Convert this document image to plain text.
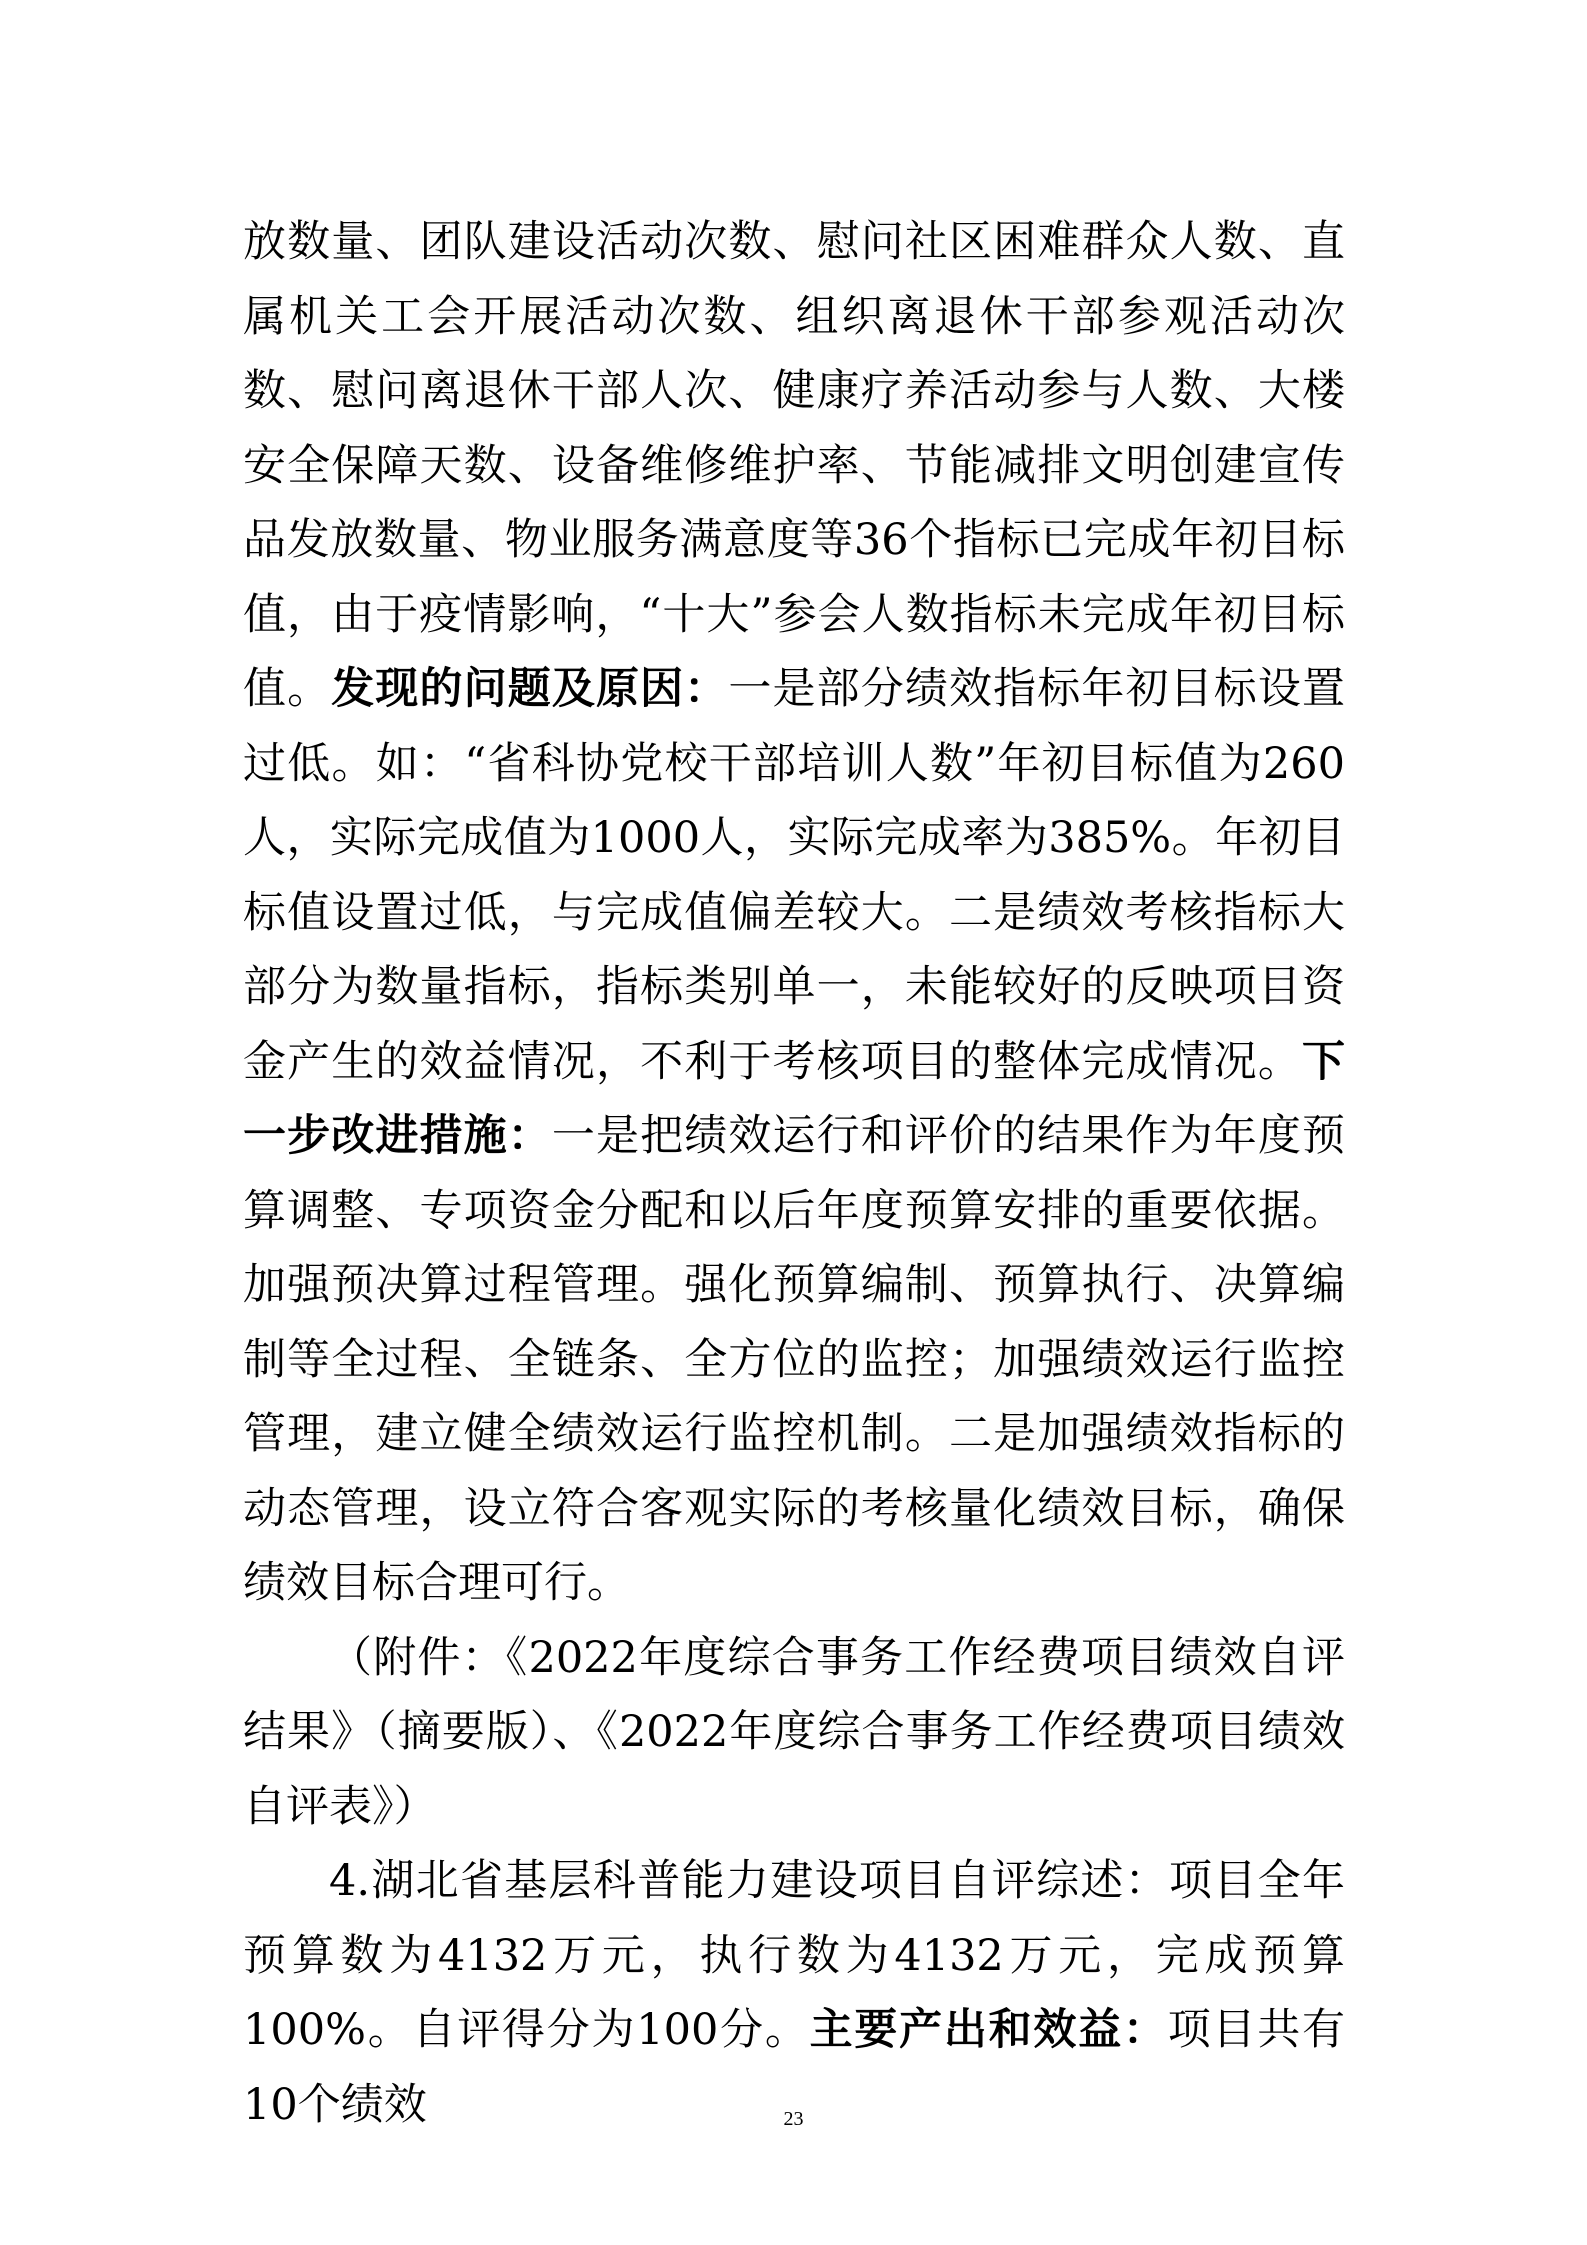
放数量、团队建设活动次数、慰问社区困难群众人数、直属机关工会开展活动次数、组织离退休干部参观活动次数、慰问离退休干部人次、健康疗养活动参与人数、大楼安全保障天数、设备维修维护率、节能减排文明创建宣传品发放数量、物业服务满意度等36个指标已完成年初目标值，由于疫情影响，“十大”参会人数指标未完成年初目标值。发现的问题及原因：一是部分绩效指标年初目标设置过低。如：“省科协党校干部培训人数”年初目标值为260人，实际完成值为1000人，实际完成率为385%。年初目标值设置过低，与完成值偏差较大。二是绩效考核指标大部分为数量指标，指标类别单一，未能较好的反映项目资金产生的效益情况，不利于考核项目的整体完成情况。下一步改进措施：一是把绩效运行和评价的结果作为年度预算调整、专项资金分配和以后年度预算安排的重要依据。加强预决算过程管理。强化预算编制、预算执行、决算编制等全过程、全链条、全方位的监控；加强绩效运行监控管理，建立健全绩效运行监控机制。二是加强绩效指标的动态管理，设立符合客观实际的考核量化绩效目标，确保绩效目标合理可行。

（附件：《2022年度综合事务工作经费项目绩效自评结果》（摘要版）、《2022年度综合事务工作经费项目绩效自评表》）

4.湖北省基层科普能力建设项目自评综述：项目全年预算数为4132万元，执行数为4132万元，完成预算100%。自评得分为100分。主要产出和效益：项目共有10个绩效	23
